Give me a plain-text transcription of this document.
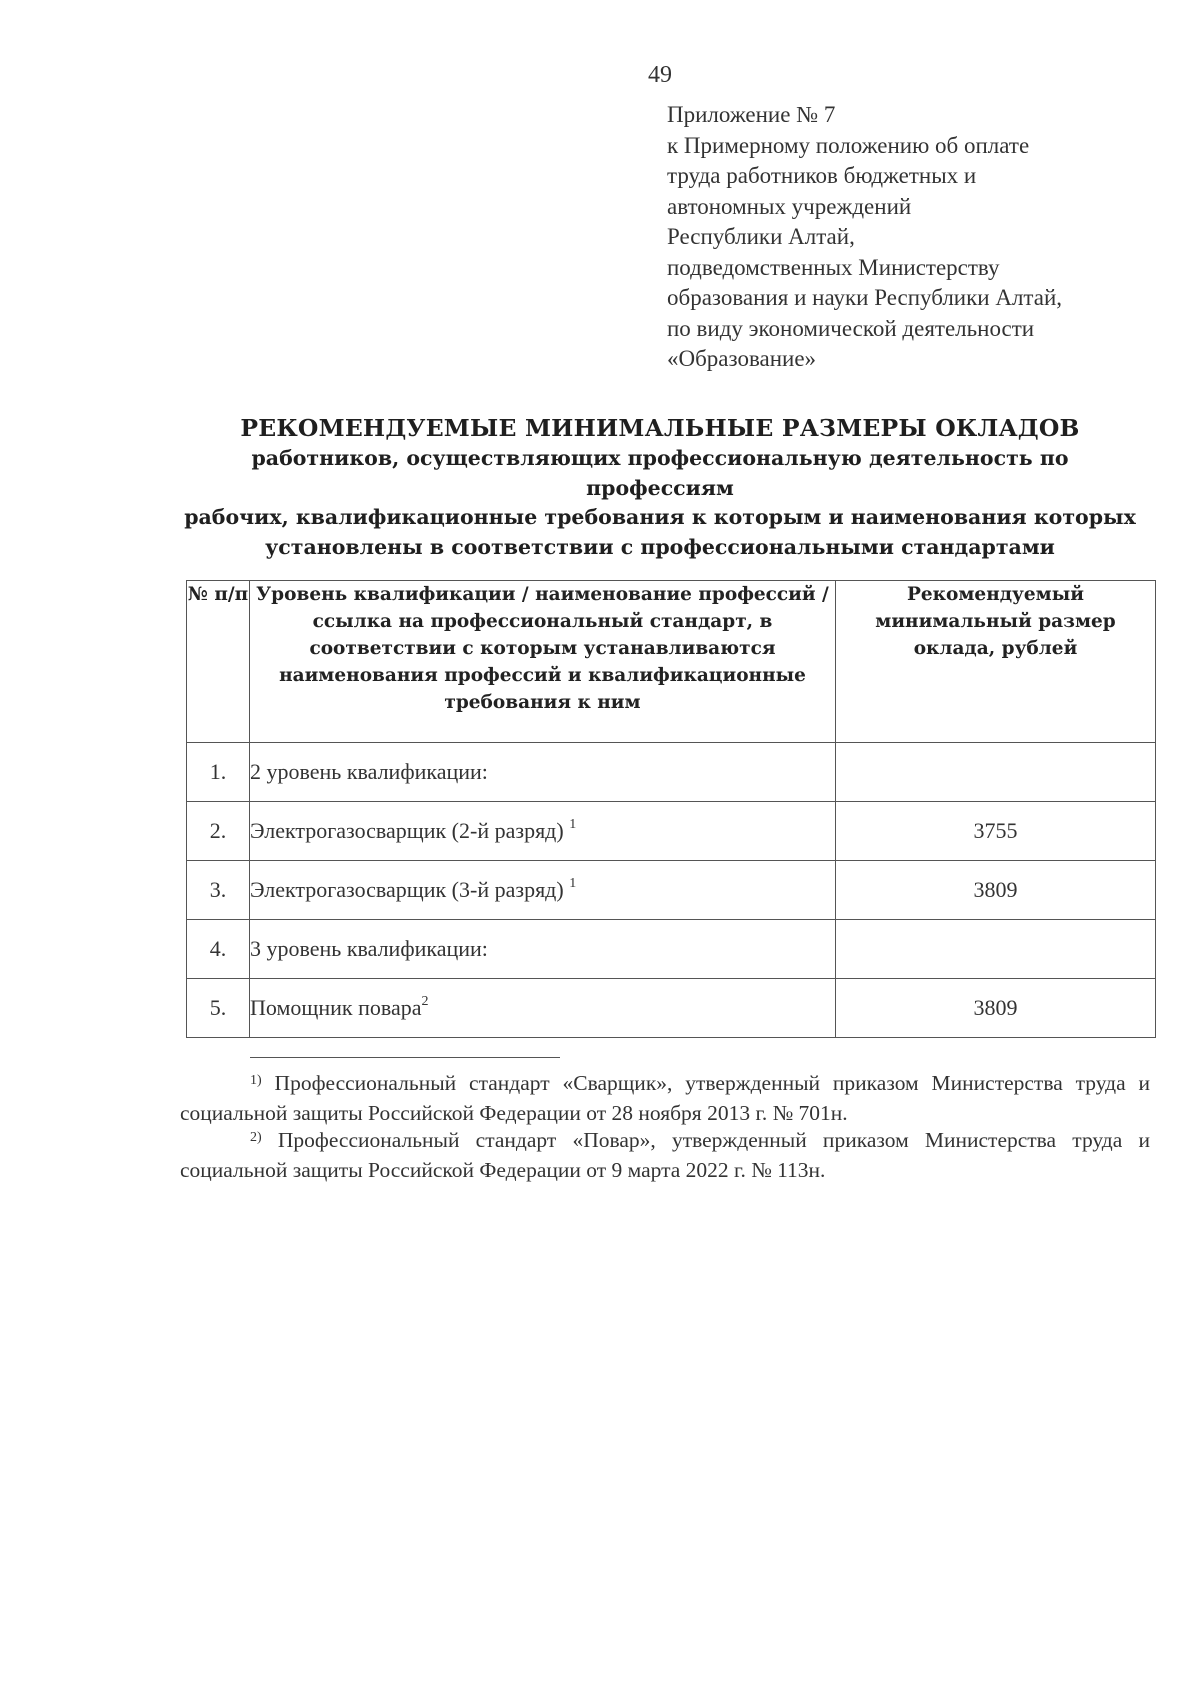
49
Приложение № 7
к Примерному положению об оплате
труда работников бюджетных и
автономных учреждений
Республики Алтай,
подведомственных Министерству
образования и науки Республики Алтай,
по виду экономической деятельности
«Образование»
РЕКОМЕНДУЕМЫЕ МИНИМАЛЬНЫЕ РАЗМЕРЫ ОКЛАДОВ
работников, осуществляющих профессиональную деятельность по профессиям
рабочих, квалификационные требования к которым и наименования которых
установлены в соответствии с профессиональными стандартами
№ п/п	Уровень квалификации / наименование профессий / ссылка на профессиональный стандарт, в соответствии с которым устанавливаются наименования профессий и квалификационные требования к ним	Рекомендуемый минимальный размер оклада, рублей
1.	2 уровень квалификации:	
2.	Электрогазосварщик (2-й разряд) $^1$	3755
3.	Электрогазосварщик (3-й разряд) $^1$	3809
4.	3 уровень квалификации:	
5.	Помощник повара$^2$	3809

$^{1)}$ Профессиональный стандарт «Сварщик», утвержденный приказом Министерства труда и социальной защиты Российской Федерации от 28 ноября 2013 г. № 701н.

$^{2)}$ Профессиональный стандарт «Повар», утвержденный приказом Министерства труда и социальной защиты Российской Федерации от 9 марта 2022 г. № 113н.
